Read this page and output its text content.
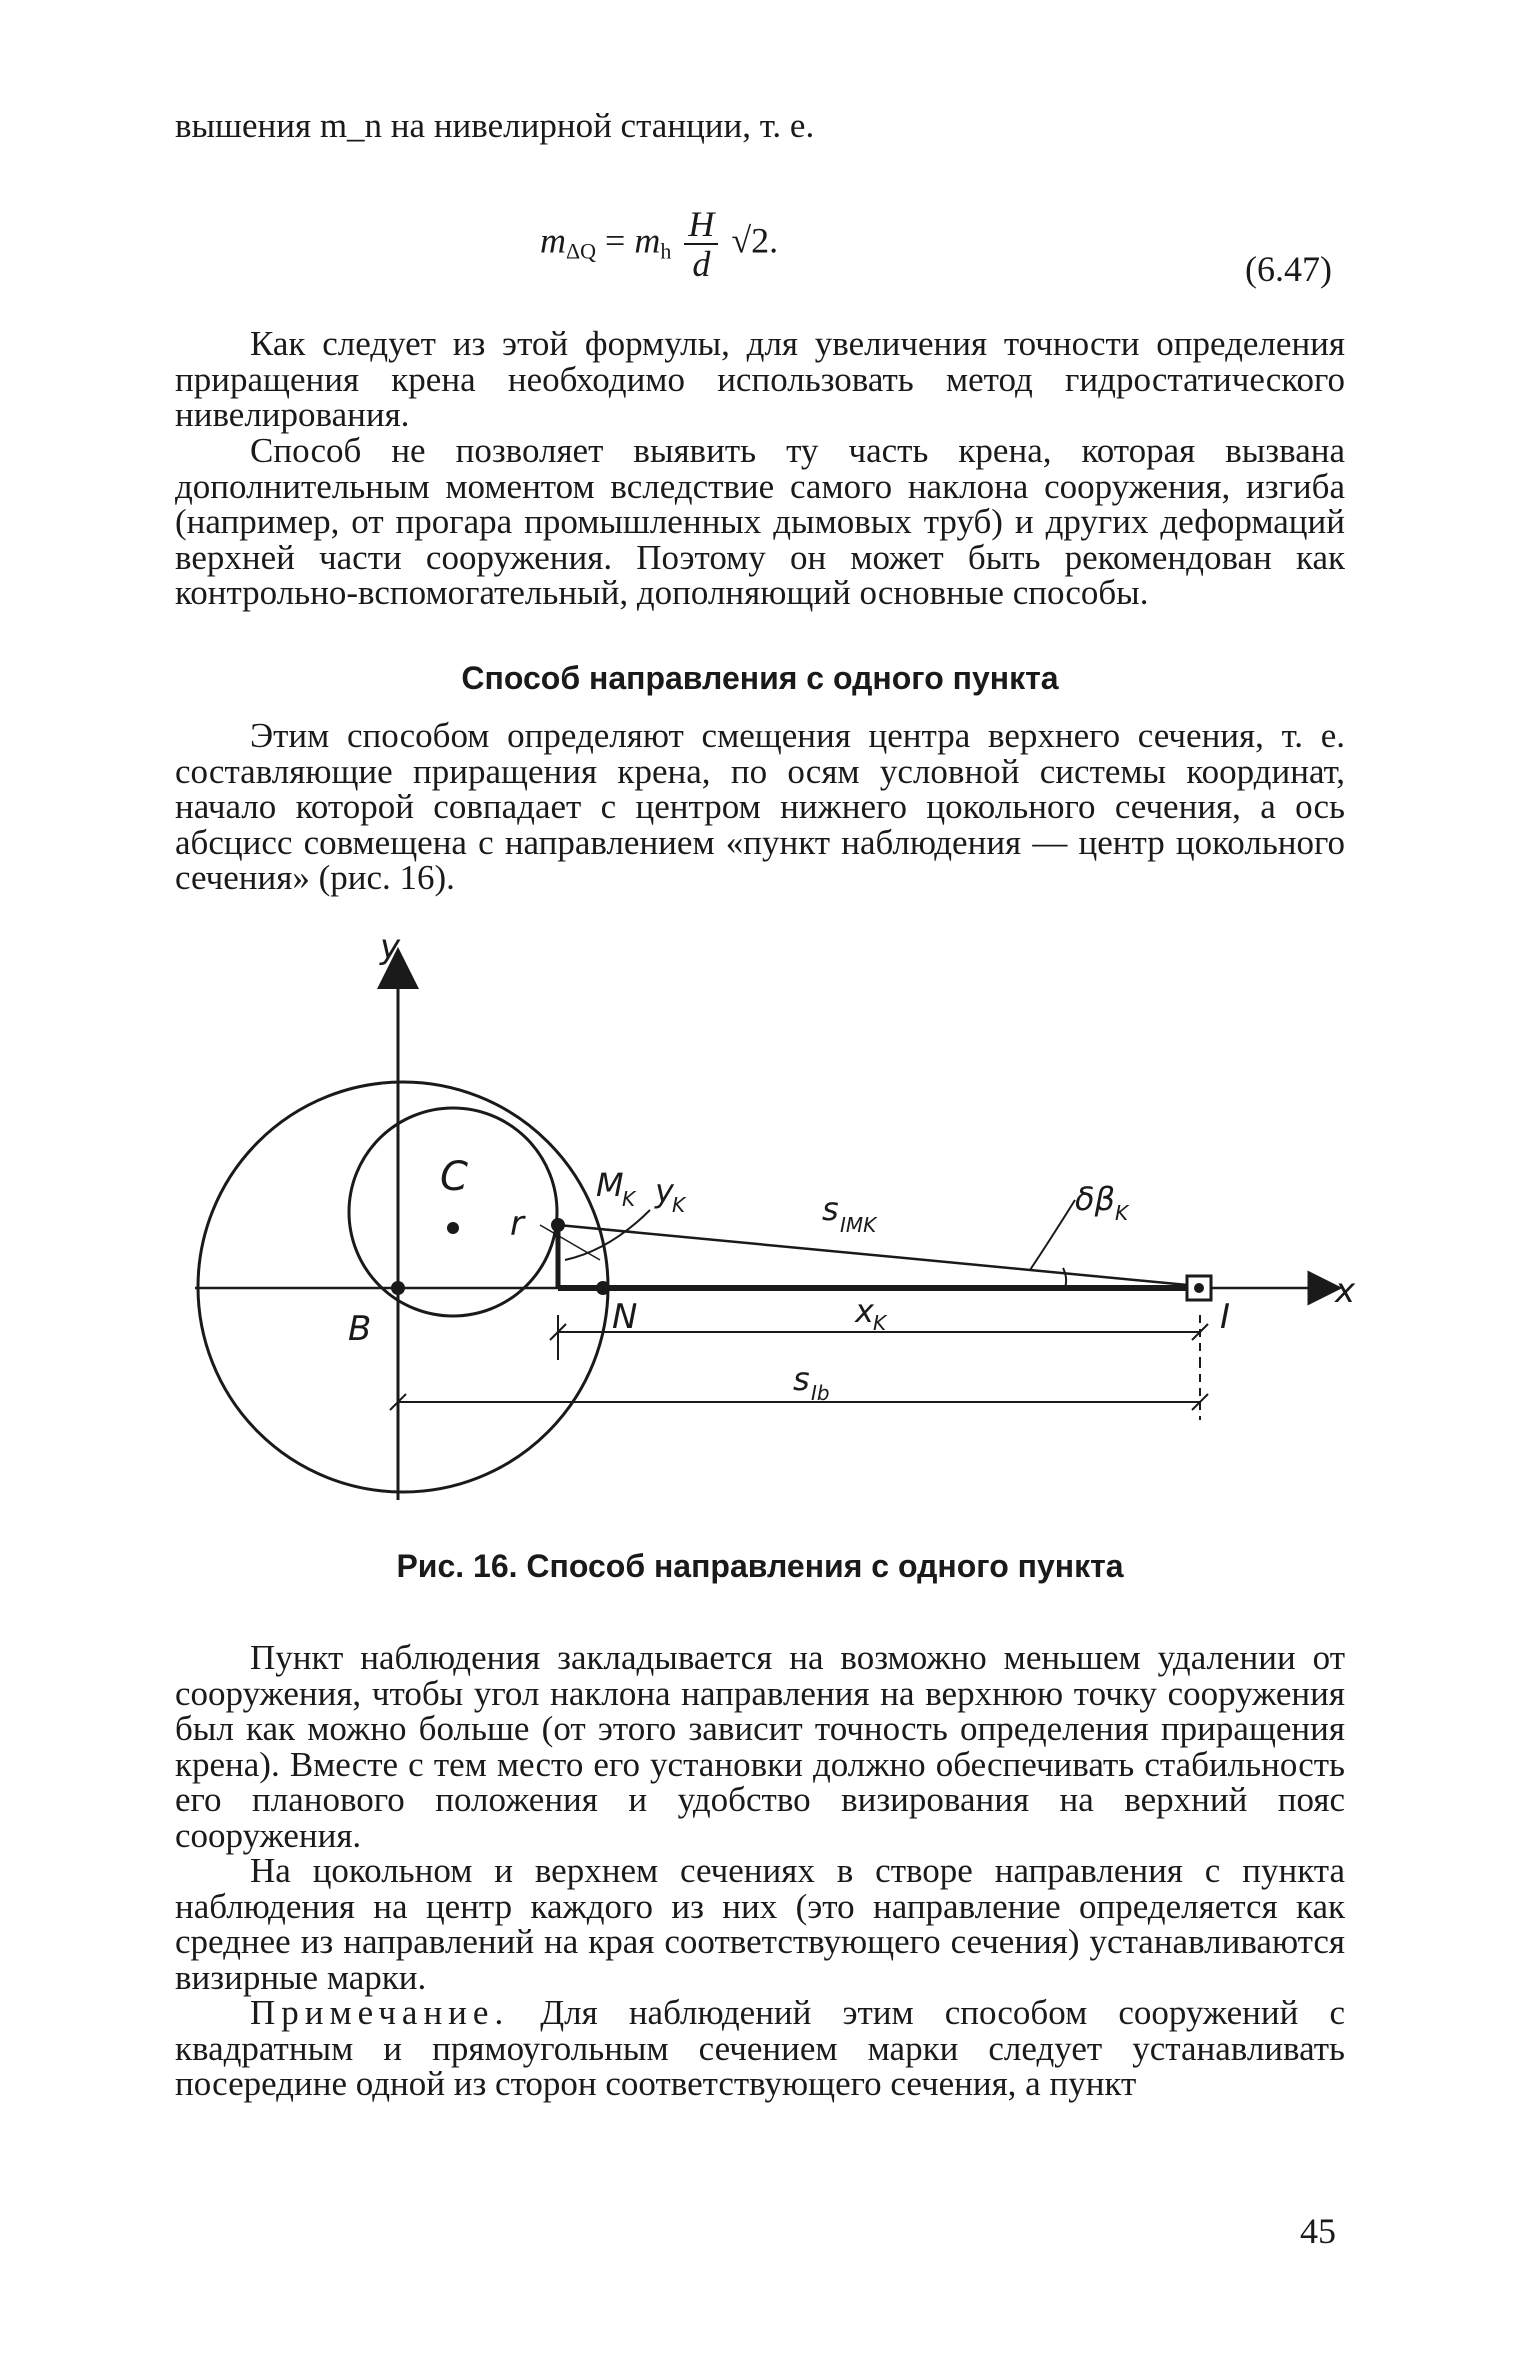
вышения m_n на нивелирной станции, т. е.

$m_{\Delta Q} = m_h \frac{H}{d} √2$.
(6.47)

Как следует из этой формулы, для увеличения точности определения приращения крена необходимо использовать метод гидростатического нивелирования.

Способ не позволяет выявить ту часть крена, которая вызвана дополнительным моментом вследствие самого наклона сооружения, изгиба (например, от прогара промышленных дымовых труб) и других деформаций верхней части сооружения. Поэтому он может быть рекомендован как контрольно-вспомогательный, дополняющий основные способы.

Способ направления с одного пункта

Этим способом определяют смещения центра верхнего сечения, т. е. составляющие приращения крена, по осям условной системы координат, начало которой совпадает с центром нижнего цокольного сечения, а ось абсцисс совмещена с направлением «пункт наблюдения — центр цокольного сечения» (рис. 16).

y
x
C
r
M
K y
K	s IMK
δβ K
B	N	I
x K
s Ib

Рис. 16. Способ направления с одного пункта

Пункт наблюдения закладывается на возможно меньшем удалении от сооружения, чтобы угол наклона направления на верхнюю точку сооружения был как можно больше (от этого зависит точность определения приращения крена). Вместе с тем место его установки должно обеспечивать стабильность его планового положения и удобство визирования на верхний пояс сооружения.

На цокольном и верхнем сечениях в створе направления с пункта наблюдения на центр каждого из них (это направление определяется как среднее из направлений на края соответствующего сечения) устанавливаются визирные марки.

Примечание. Для наблюдений этим способом сооружений с квадратным и прямоугольным сечением марки следует устанавливать посередине одной из сторон соответствующего сечения, а пункт

45
